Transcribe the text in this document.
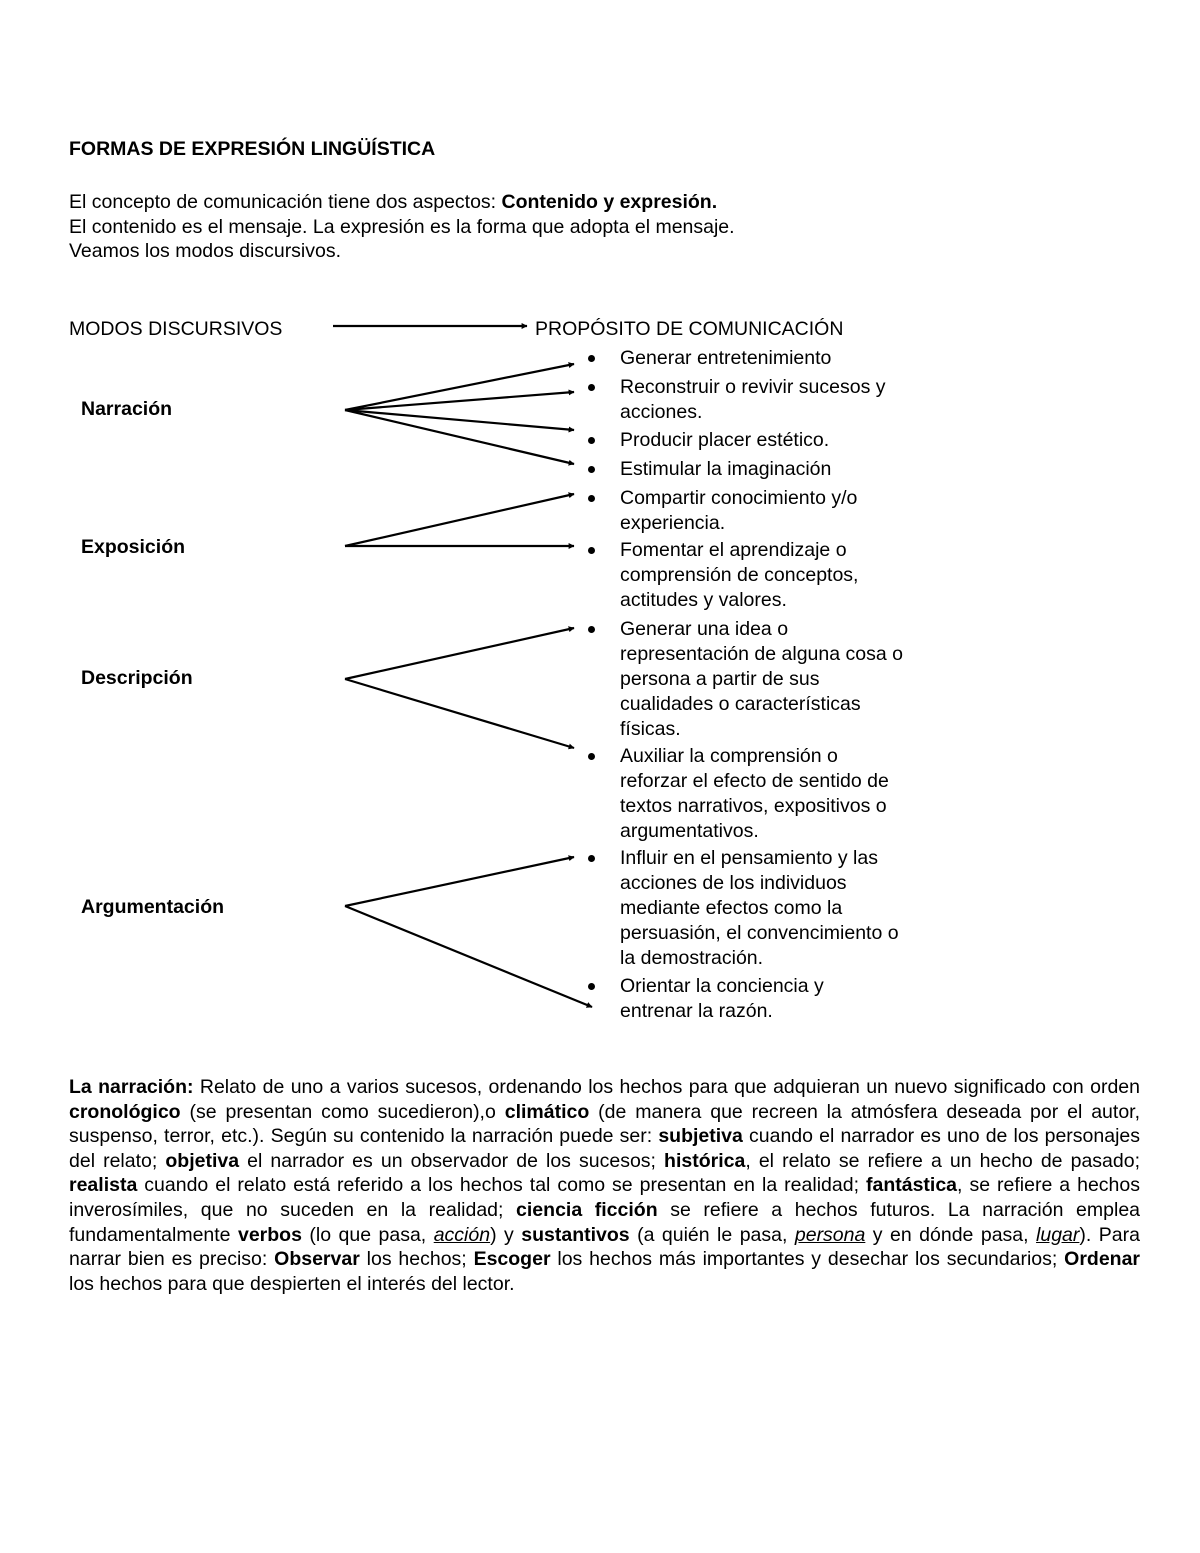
FORMAS DE EXPRESIÓN LINGÜÍSTICA

El concepto de comunicación tiene dos aspectos: Contenido y expresión.

El contenido es el mensaje. La expresión es la forma que adopta el mensaje.

Veamos los modos discursivos.

MODOS DISCURSIVOS	PROPÓSITO DE COMUNICACIÓN
Narración
Exposición
Descripción
Argumentación
Generar entretenimiento
Reconstruir o revivir sucesos y acciones.
Producir placer estético.
Estimular la imaginación
Compartir conocimiento y/o experiencia.
Fomentar el aprendizaje o comprensión de conceptos, actitudes y valores.
Generar una idea o representación de alguna cosa o persona a partir de sus cualidades o características físicas.
Auxiliar la comprensión o reforzar el efecto de sentido de textos narrativos, expositivos o argumentativos.
Influir en el pensamiento y las acciones de los individuos mediante efectos como la persuasión, el convencimiento o la demostración.
Orientar la conciencia y entrenar la razón.
La narración: Relato de uno a varios sucesos, ordenando los hechos para que adquieran un nuevo significado con orden cronológico (se presentan como sucedieron),o climático (de manera que recreen la atmósfera deseada por el autor, suspenso, terror, etc.). Según su contenido la narración puede ser: subjetiva cuando el narrador es uno de los personajes del relato; objetiva el narrador es un observador de los sucesos; histórica, el relato se refiere a un hecho de pasado; realista cuando el relato está referido a los hechos tal como se presentan en la realidad; fantástica, se refiere a hechos inverosímiles, que no suceden en la realidad; ciencia ficción se refiere a hechos futuros. La narración emplea fundamentalmente verbos (lo que pasa, acción) y sustantivos (a quién le pasa, persona y en dónde pasa, lugar). Para narrar bien es preciso: Observar los hechos; Escoger los hechos más importantes y desechar los secundarios; Ordenar los hechos para que despierten el interés del lector.
